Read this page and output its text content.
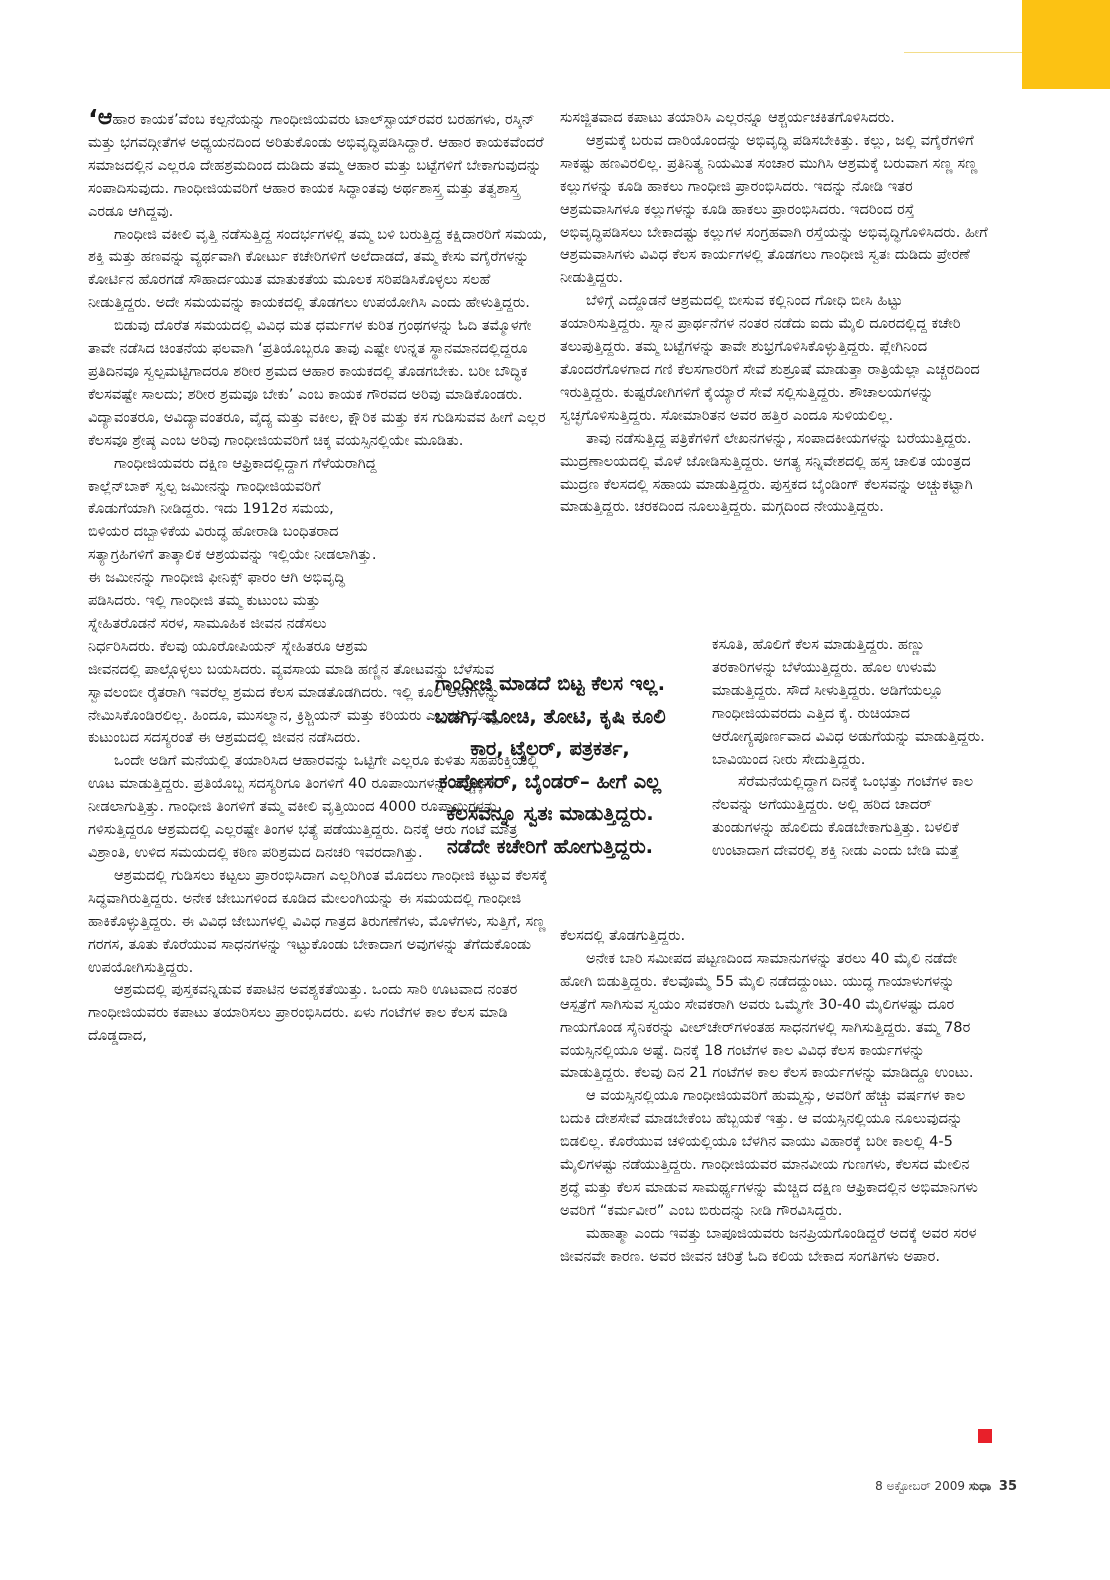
‘ಆಹಾರ ಕಾಯಕ’ವೆಂಬ ಕಲ್ಪನೆಯನ್ನು ಗಾಂಧೀಜಿಯವರು ಟಾಲ್‌ಸ್ಟಾಯ್‌ರವರ ಬರಹಗಳು, ರಸ್ಕಿನ್ ಮತ್ತು ಭಗವದ್ಗೀತೆಗಳ ಅಧ್ಯಯನದಿಂದ ಅರಿತುಕೊಂಡು ಅಭಿವೃದ್ಧಿಪಡಿಸಿದ್ದಾರೆ. ಆಹಾರ ಕಾಯಕವೆಂದರೆ ಸಮಾಜದಲ್ಲಿನ ಎಲ್ಲರೂ ದೇಹಶ್ರಮದಿಂದ ದುಡಿದು ತಮ್ಮ ಆಹಾರ ಮತ್ತು ಬಟ್ಟೆಗಳಿಗೆ ಬೇಕಾಗುವುದನ್ನು ಸಂಪಾದಿಸುವುದು. ಗಾಂಧೀಜಿಯವರಿಗೆ ಆಹಾರ ಕಾಯಕ ಸಿದ್ಧಾಂತವು ಅರ್ಥಶಾಸ್ತ್ರ ಮತ್ತು ತತ್ವಶಾಸ್ತ್ರ ಎರಡೂ ಆಗಿದ್ದವು.

ಗಾಂಧೀಜಿ ವಕೀಲಿ ವೃತ್ತಿ ನಡೆಸುತ್ತಿದ್ದ ಸಂದರ್ಭಗಳಲ್ಲಿ ತಮ್ಮ ಬಳಿ ಬರುತ್ತಿದ್ದ ಕಕ್ಷಿದಾರರಿಗೆ ಸಮಯ, ಶಕ್ತಿ ಮತ್ತು ಹಣವನ್ನು ವ್ಯರ್ಥವಾಗಿ ಕೋರ್ಟು ಕಚೇರಿಗಳಿಗೆ ಅಲೆದಾಡದೆ, ತಮ್ಮ ಕೇಸು ವಗೈರೆಗಳನ್ನು ಕೋರ್ಟಿನ ಹೊರಗಡೆ ಸೌಹಾರ್ದಯುತ ಮಾತುಕತೆಯ ಮೂಲಕ ಸರಿಪಡಿಸಿಕೊಳ್ಳಲು ಸಲಹೆ ನೀಡುತ್ತಿದ್ದರು. ಅದೇ ಸಮಯವನ್ನು ಕಾಯಕದಲ್ಲಿ ತೊಡಗಲು ಉಪಯೋಗಿಸಿ ಎಂದು ಹೇಳುತ್ತಿದ್ದರು.

ಬಿಡುವು ದೊರೆತ ಸಮಯದಲ್ಲಿ ವಿವಿಧ ಮತ ಧರ್ಮಗಳ ಕುರಿತ ಗ್ರಂಥಗಳನ್ನು ಓದಿ ತಮ್ಮೊಳಗೇ ತಾವೇ ನಡೆಸಿದ ಚಿಂತನೆಯ ಫಲವಾಗಿ ‘ಪ್ರತಿಯೊಬ್ಬರೂ ತಾವು ಎಷ್ಟೇ ಉನ್ನತ ಸ್ಥಾನಮಾನದಲ್ಲಿದ್ದರೂ ಪ್ರತಿದಿನವೂ ಸ್ವಲ್ಪಮಟ್ಟಿಗಾದರೂ ಶರೀರ ಶ್ರಮದ ಆಹಾರ ಕಾಯಕದಲ್ಲಿ ತೊಡಗಬೇಕು. ಬರೀ ಬೌದ್ಧಿಕ ಕೆಲಸವಷ್ಟೇ ಸಾಲದು; ಶರೀರ ಶ್ರಮವೂ ಬೇಕು’ ಎಂಬ ಕಾಯಕ ಗೌರವದ ಅರಿವು ಮಾಡಿಕೊಂಡರು. ವಿದ್ಯಾವಂತರೂ, ಅವಿದ್ಯಾವಂತರೂ, ವೈದ್ಯ ಮತ್ತು ವಕೀಲ, ಕ್ಷೌರಿಕ ಮತ್ತು ಕಸ ಗುಡಿಸುವವ ಹೀಗೆ ಎಲ್ಲರ ಕೆಲಸವೂ ಶ್ರೇಷ್ಠ ಎಂಬ ಅರಿವು ಗಾಂಧೀಜಿಯವರಿಗೆ ಚಿಕ್ಕ ವಯಸ್ಸಿನಲ್ಲಿಯೇ ಮೂಡಿತು.

ಗಾಂಧೀಜಿಯವರು ದಕ್ಷಿಣ ಆಫ್ರಿಕಾದಲ್ಲಿದ್ದಾಗ ಗೆಳೆಯರಾಗಿದ್ದ ಕಾಲ್ಲೆನ್‌ಬಾಕ್ ಸ್ವಲ್ಪ ಜಮೀನನ್ನು ಗಾಂಧೀಜಿಯವರಿಗೆ ಕೊಡುಗೆಯಾಗಿ ನೀಡಿದ್ದರು. ಇದು 1912ರ ಸಮಯ, ಬಿಳಿಯರ ದಬ್ಬಾಳಿಕೆಯ ವಿರುದ್ಧ ಹೋರಾಡಿ ಬಂಧಿತರಾದ ಸತ್ಯಾಗ್ರಹಿಗಳಿಗೆ ತಾತ್ಕಾಲಿಕ ಆಶ್ರಯವನ್ನು ಇಲ್ಲಿಯೇ ನೀಡಲಾಗಿತ್ತು. ಈ ಜಮೀನನ್ನು ಗಾಂಧೀಜಿ ಫೀನಿಕ್ಸ್ ಫಾರಂ ಆಗಿ ಅಭಿವೃದ್ಧಿ ಪಡಿಸಿದರು. ಇಲ್ಲಿ ಗಾಂಧೀಜಿ ತಮ್ಮ ಕುಟುಂಬ ಮತ್ತು ಸ್ನೇಹಿತರೊಡನೆ ಸರಳ, ಸಾಮೂಹಿಕ ಜೀವನ ನಡೆಸಲು ನಿರ್ಧರಿಸಿದರು. ಕೆಲವು ಯೂರೋಪಿಯನ್ ಸ್ನೇಹಿತರೂ ಆಶ್ರಮ

ಜೀವನದಲ್ಲಿ ಪಾಲ್ಗೊಳ್ಳಲು ಬಯಸಿದರು. ವ್ಯವಸಾಯ ಮಾಡಿ ಹಣ್ಣಿನ ತೋಟವನ್ನು ಬೆಳೆಸುವ ಸ್ವಾವಲಂಬೀ ರೈತರಾಗಿ ಇವರೆಲ್ಲ ಶ್ರಮದ ಕೆಲಸ ಮಾಡತೊಡಗಿದರು. ಇಲ್ಲಿ ಕೂಲಿ ಆಳುಗಳನ್ನು ನೇಮಿಸಿಕೊಂಡಿರಲಿಲ್ಲ. ಹಿಂದೂ, ಮುಸಲ್ಮಾನ, ಕ್ರಿಶ್ಚಿಯನ್ ಮತ್ತು ಕರಿಯರು ಎಲ್ಲರೂ ದೊಡ್ಡ ಕುಟುಂಬದ ಸದಸ್ಯರಂತೆ ಈ ಆಶ್ರಮದಲ್ಲಿ ಜೀವನ ನಡೆಸಿದರು.

ಒಂದೇ ಅಡಿಗೆ ಮನೆಯಲ್ಲಿ ತಯಾರಿಸಿದ ಆಹಾರವನ್ನು ಒಟ್ಟಿಗೇ ಎಲ್ಲರೂ ಕುಳಿತು ಸಹಪಂಕ್ತಿಯಲ್ಲಿ ಊಟ ಮಾಡುತ್ತಿದ್ದರು. ಪ್ರತಿಯೊಬ್ಬ ಸದಸ್ಯರಿಗೂ ತಿಂಗಳಿಗೆ 40 ರೂಪಾಯಿಗಳನ್ನು ವೆಚ್ಚಕ್ಕಾಗಿ ನೀಡಲಾಗುತ್ತಿತ್ತು. ಗಾಂಧೀಜಿ ತಿಂಗಳಿಗೆ ತಮ್ಮ ವಕೀಲಿ ವೃತ್ತಿಯಿಂದ 4000 ರೂಪಾಯಿಗಳನ್ನು ಗಳಿಸುತ್ತಿದ್ದರೂ ಆಶ್ರಮದಲ್ಲಿ ಎಲ್ಲರಷ್ಟೇ ತಿಂಗಳ ಭತ್ಯೆ ಪಡೆಯುತ್ತಿದ್ದರು. ದಿನಕ್ಕೆ ಆರು ಗಂಟೆ ಮಾತ್ರ ವಿಶ್ರಾಂತಿ, ಉಳಿದ ಸಮಯದಲ್ಲಿ ಕಠಿಣ ಪರಿಶ್ರಮದ ದಿನಚರಿ ಇವರದಾಗಿತ್ತು.

ಆಶ್ರಮದಲ್ಲಿ ಗುಡಿಸಲು ಕಟ್ಟಲು ಪ್ರಾರಂಭಿಸಿದಾಗ ಎಲ್ಲರಿಗಿಂತ ಮೊದಲು ಗಾಂಧೀಜಿ ಕಟ್ಟುವ ಕೆಲಸಕ್ಕೆ ಸಿದ್ಧವಾಗಿರುತ್ತಿದ್ದರು. ಅನೇಕ ಜೇಬುಗಳಿಂದ ಕೂಡಿದ ಮೇಲಂಗಿಯನ್ನು ಈ ಸಮಯದಲ್ಲಿ ಗಾಂಧೀಜಿ ಹಾಕಿಕೊಳ್ಳುತ್ತಿದ್ದರು. ಈ ವಿವಿಧ ಜೇಬುಗಳಲ್ಲಿ ವಿವಿಧ ಗಾತ್ರದ ತಿರುಗಣೆಗಳು, ಮೊಳೆಗಳು, ಸುತ್ತಿಗೆ, ಸಣ್ಣ ಗರಗಸ, ತೂತು ಕೊರೆಯುವ ಸಾಧನಗಳನ್ನು ಇಟ್ಟುಕೊಂಡು ಬೇಕಾದಾಗ ಅವುಗಳನ್ನು ತೆಗೆದುಕೊಂಡು ಉಪಯೋಗಿಸುತ್ತಿದ್ದರು.

ಆಶ್ರಮದಲ್ಲಿ ಪುಸ್ತಕವನ್ನಿಡುವ ಕಪಾಟಿನ ಅವಶ್ಯಕತೆಯಿತ್ತು. ಒಂದು ಸಾರಿ ಊಟವಾದ ನಂತರ ಗಾಂಧೀಜಿಯವರು ಕಪಾಟು ತಯಾರಿಸಲು ಪ್ರಾರಂಭಿಸಿದರು. ಏಳು ಗಂಟೆಗಳ ಕಾಲ ಕೆಲಸ ಮಾಡಿ ದೊಡ್ಡದಾದ,

ಸುಸಜ್ಜಿತವಾದ ಕಪಾಟು ತಯಾರಿಸಿ ಎಲ್ಲರನ್ನೂ ಆಶ್ಚರ್ಯಚಕಿತಗೊಳಿಸಿದರು.

ಆಶ್ರಮಕ್ಕೆ ಬರುವ ದಾರಿಯೊಂದನ್ನು ಅಭಿವೃದ್ಧಿ ಪಡಿಸಬೇಕಿತ್ತು. ಕಲ್ಲು, ಜಲ್ಲಿ ವಗೈರೆಗಳಿಗೆ ಸಾಕಷ್ಟು ಹಣವಿರಲಿಲ್ಲ. ಪ್ರತಿನಿತ್ಯ ನಿಯಮಿತ ಸಂಚಾರ ಮುಗಿಸಿ ಆಶ್ರಮಕ್ಕೆ ಬರುವಾಗ ಸಣ್ಣ ಸಣ್ಣ ಕಲ್ಲುಗಳನ್ನು ಕೂಡಿ ಹಾಕಲು ಗಾಂಧೀಜಿ ಪ್ರಾರಂಭಿಸಿದರು. ಇದನ್ನು ನೋಡಿ ಇತರ ಆಶ್ರಮವಾಸಿಗಳೂ ಕಲ್ಲುಗಳನ್ನು ಕೂಡಿ ಹಾಕಲು ಪ್ರಾರಂಭಿಸಿದರು. ಇದರಿಂದ ರಸ್ತೆ ಅಭಿವೃದ್ಧಿಪಡಿಸಲು ಬೇಕಾದಷ್ಟು ಕಲ್ಲುಗಳ ಸಂಗ್ರಹವಾಗಿ ರಸ್ತೆಯನ್ನು ಅಭಿವೃದ್ಧಿಗೊಳಿಸಿದರು. ಹೀಗೆ ಆಶ್ರಮವಾಸಿಗಳು ವಿವಿಧ ಕೆಲಸ ಕಾರ್ಯಗಳಲ್ಲಿ ತೊಡಗಲು ಗಾಂಧೀಜಿ ಸ್ವತಃ ದುಡಿದು ಪ್ರೇರಣೆ ನೀಡುತ್ತಿದ್ದರು.

ಬೆಳಿಗ್ಗೆ ಎದ್ದೊಡನೆ ಆಶ್ರಮದಲ್ಲಿ ಬೀಸುವ ಕಲ್ಲಿನಿಂದ ಗೋಧಿ ಬೀಸಿ ಹಿಟ್ಟು ತಯಾರಿಸುತ್ತಿದ್ದರು. ಸ್ನಾನ ಪ್ರಾರ್ಥನೆಗಳ ನಂತರ ನಡೆದು ಐದು ಮೈಲಿ ದೂರದಲ್ಲಿದ್ದ ಕಚೇರಿ ತಲುಪುತ್ತಿದ್ದರು. ತಮ್ಮ ಬಟ್ಟೆಗಳನ್ನು ತಾವೇ ಶುಭ್ರಗೊಳಿಸಿಕೊಳ್ಳುತ್ತಿದ್ದರು. ಪ್ಲೇಗಿನಿಂದ ತೊಂದರೆಗೊಳಗಾದ ಗಣಿ ಕೆಲಸಗಾರರಿಗೆ ಸೇವೆ ಶುಶ್ರೂಷೆ ಮಾಡುತ್ತಾ ರಾತ್ರಿಯೆಲ್ಲಾ ಎಚ್ಚರದಿಂದ ಇರುತ್ತಿದ್ದರು. ಕುಷ್ಟರೋಗಿಗಳಿಗೆ ಕೈಯ್ಯಾರೆ ಸೇವೆ ಸಲ್ಲಿಸುತ್ತಿದ್ದರು. ಶೌಚಾಲಯಗಳನ್ನು ಸ್ವಚ್ಛಗೊಳಿಸುತ್ತಿದ್ದರು. ಸೋಮಾರಿತನ ಅವರ ಹತ್ತಿರ ಎಂದೂ ಸುಳಿಯಲಿಲ್ಲ.

ತಾವು ನಡೆಸುತ್ತಿದ್ದ ಪತ್ರಿಕೆಗಳಿಗೆ ಲೇಖನಗಳನ್ನು, ಸಂಪಾದಕೀಯಗಳನ್ನು ಬರೆಯುತ್ತಿದ್ದರು. ಮುದ್ರಣಾಲಯದಲ್ಲಿ ಮೊಳೆ ಜೋಡಿಸುತ್ತಿದ್ದರು. ಅಗತ್ಯ ಸನ್ನಿವೇಶದಲ್ಲಿ ಹಸ್ತ ಚಾಲಿತ ಯಂತ್ರದ ಮುದ್ರಣ ಕೆಲಸದಲ್ಲಿ ಸಹಾಯ ಮಾಡುತ್ತಿದ್ದರು. ಪುಸ್ತಕದ ಬೈಂಡಿಂಗ್ ಕೆಲಸವನ್ನು ಅಚ್ಚುಕಟ್ಟಾಗಿ ಮಾಡುತ್ತಿದ್ದರು. ಚರಕದಿಂದ ನೂಲುತ್ತಿದ್ದರು. ಮಗ್ಗದಿಂದ ನೇಯುತ್ತಿದ್ದರು.

ಕಸೂತಿ, ಹೊಲಿಗೆ ಕೆಲಸ ಮಾಡುತ್ತಿದ್ದರು. ಹಣ್ಣು ತರಕಾರಿಗಳನ್ನು ಬೆಳೆಯುತ್ತಿದ್ದರು. ಹೊಲ ಉಳುಮೆ ಮಾಡುತ್ತಿದ್ದರು. ಸೌದೆ ಸೀಳುತ್ತಿದ್ದರು. ಅಡಿಗೆಯಲ್ಲೂ ಗಾಂಧೀಜಿಯವರದು ಎತ್ತಿದ ಕೈ. ರುಚಿಯಾದ ಆರೋಗ್ಯಪೂರ್ಣವಾದ ವಿವಿಧ ಅಡುಗೆಯನ್ನು ಮಾಡುತ್ತಿದ್ದರು. ಬಾವಿಯಿಂದ ನೀರು ಸೇದುತ್ತಿದ್ದರು.

ಸೆರೆಮನೆಯಲ್ಲಿದ್ದಾಗ ದಿನಕ್ಕೆ ಒಂಭತ್ತು ಗಂಟೆಗಳ ಕಾಲ ನೆಲವನ್ನು ಅಗೆಯುತ್ತಿದ್ದರು. ಅಲ್ಲಿ ಹರಿದ ಚಾದರ್ ತುಂಡುಗಳನ್ನು ಹೊಲಿದು ಕೊಡಬೇಕಾಗುತ್ತಿತ್ತು. ಬಳಲಿಕೆ ಉಂಟಾದಾಗ ದೇವರಲ್ಲಿ ಶಕ್ತಿ ನೀಡು ಎಂದು ಬೇಡಿ ಮತ್ತೆ

ಕೆಲಸದಲ್ಲಿ ತೊಡಗುತ್ತಿದ್ದರು.

ಅನೇಕ ಬಾರಿ ಸಮೀಪದ ಪಟ್ಟಣದಿಂದ ಸಾಮಾನುಗಳನ್ನು ತರಲು 40 ಮೈಲಿ ನಡೆದೇ ಹೋಗಿ ಬಿಡುತ್ತಿದ್ದರು. ಕೆಲವೊಮ್ಮೆ 55 ಮೈಲಿ ನಡೆದದ್ದುಂಟು. ಯುದ್ಧ ಗಾಯಾಳುಗಳನ್ನು ಆಸ್ಪತ್ರೆಗೆ ಸಾಗಿಸುವ ಸ್ವಯಂ ಸೇವಕರಾಗಿ ಅವರು ಒಮ್ಮೆಗೇ 30-40 ಮೈಲಿಗಳಷ್ಟು ದೂರ ಗಾಯಗೊಂಡ ಸೈನಿಕರನ್ನು ವೀಲ್‌ಚೇರ್‌ಗಳಂತಹ ಸಾಧನಗಳಲ್ಲಿ ಸಾಗಿಸುತ್ತಿದ್ದರು. ತಮ್ಮ 78ರ ವಯಸ್ಸಿನಲ್ಲಿಯೂ ಅಷ್ಟೆ. ದಿನಕ್ಕೆ 18 ಗಂಟೆಗಳ ಕಾಲ ವಿವಿಧ ಕೆಲಸ ಕಾರ್ಯಗಳನ್ನು ಮಾಡುತ್ತಿದ್ದರು. ಕೆಲವು ದಿನ 21 ಗಂಟೆಗಳ ಕಾಲ ಕೆಲಸ ಕಾರ್ಯಗಳನ್ನು ಮಾಡಿದ್ದೂ ಉಂಟು.

ಆ ವಯಸ್ಸಿನಲ್ಲಿಯೂ ಗಾಂಧೀಜಿಯವರಿಗೆ ಹುಮ್ಮಸ್ಸು, ಅವರಿಗೆ ಹೆಚ್ಚು ವರ್ಷಗಳ ಕಾಲ ಬದುಕಿ ದೇಶಸೇವೆ ಮಾಡಬೇಕೆಂಬ ಹೆಬ್ಬಯಕೆ ಇತ್ತು. ಆ ವಯಸ್ಸಿನಲ್ಲಿಯೂ ನೂಲುವುದನ್ನು ಬಿಡಲಿಲ್ಲ. ಕೊರೆಯುವ ಚಳಿಯಲ್ಲಿಯೂ ಬೆಳಗಿನ ವಾಯು ವಿಹಾರಕ್ಕೆ ಬರೀ ಕಾಲಲ್ಲಿ 4-5 ಮೈಲಿಗಳಷ್ಟು ನಡೆಯುತ್ತಿದ್ದರು. ಗಾಂಧೀಜಿಯವರ ಮಾನವೀಯ ಗುಣಗಳು, ಕೆಲಸದ ಮೇಲಿನ ಶ್ರದ್ಧೆ ಮತ್ತು ಕೆಲಸ ಮಾಡುವ ಸಾಮರ್ಥ್ಯಗಳನ್ನು ಮೆಚ್ಚಿದ ದಕ್ಷಿಣ ಆಫ್ರಿಕಾದಲ್ಲಿನ ಅಭಿಮಾನಿಗಳು ಅವರಿಗೆ “ಕರ್ಮವೀರ” ಎಂಬ ಬಿರುದನ್ನು ನೀಡಿ ಗೌರವಿಸಿದ್ದರು.

ಮಹಾತ್ಮಾ ಎಂದು ಇವತ್ತು ಬಾಪೂಜಿಯವರು ಜನಪ್ರಿಯಗೊಂಡಿದ್ದರೆ ಅದಕ್ಕೆ ಅವರ ಸರಳ ಜೀವನವೇ ಕಾರಣ. ಅವರ ಜೀವನ ಚರಿತ್ರೆ ಓದಿ ಕಲಿಯ ಬೇಕಾದ ಸಂಗತಿಗಳು ಅಪಾರ.

ಗಾಂಧೀಜಿ ಮಾಡದೆ ಬಿಟ್ಟ ಕೆಲಸ ಇಲ್ಲ.
ಬಡಗಿ, ಮೋಚಿ, ತೋಟಿ, ಕೃಷಿ ಕೂಲಿ
ಕಾರ, ಟೈಲರ್, ಪತ್ರಕರ್ತ,
ಕಂಪೋಸರ್, ಬೈಂಡರ್– ಹೀಗೆ ಎಲ್ಲ
ಕೆಲಸವನ್ನೂ ಸ್ವತಃ ಮಾಡುತ್ತಿದ್ದರು.
ನಡೆದೇ ಕಚೇರಿಗೆ ಹೋಗುತ್ತಿದ್ದರು.
8 ಅಕ್ಟೋಬರ್ 2009 ಸುಧಾ 35
